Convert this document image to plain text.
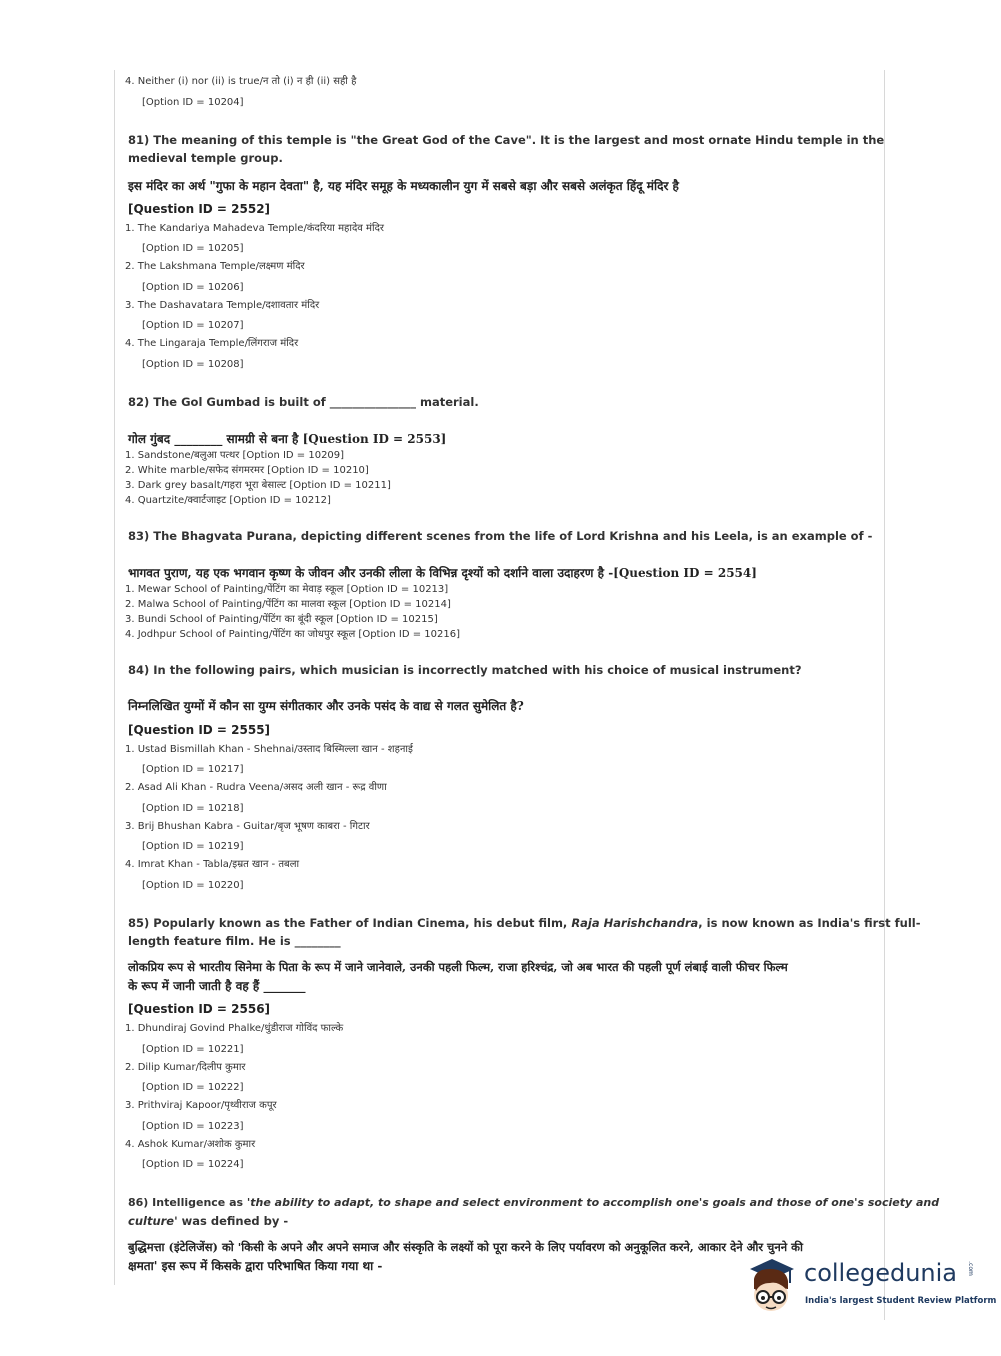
4. Neither (i) nor (ii) is true/न तो (i) न ही (ii) सही है
[Option ID = 10204]
81) The meaning of this temple is "the Great God of the Cave". It is the largest and most ornate Hindu temple in the
medieval temple group.
इस मंदिर का अर्थ "गुफा के महान देवता" है, यह मंदिर समूह के मध्यकालीन युग में सबसे बड़ा और सबसे अलंकृत हिंदू मंदिर है
[Question ID = 2552]
1. The Kandariya Mahadeva Temple/कंदरिया महादेव मंदिर
[Option ID = 10205]
2. The Lakshmana Temple/लक्ष्मण मंदिर
[Option ID = 10206]
3. The Dashavatara Temple/दशावतार मंदिर
[Option ID = 10207]
4. The Lingaraja Temple/लिंगराज मंदिर
[Option ID = 10208]
82) The Gol Gumbad is built of _______________ material.
गोल गुंबद ________ सामग्री से बना है [Question ID = 2553]
1. Sandstone/बलुआ पत्थर [Option ID = 10209]
2. White marble/सफेद संगमरमर [Option ID = 10210]
3. Dark grey basalt/गहरा भूरा बेसाल्ट [Option ID = 10211]
4. Quartzite/क्वार्टजाइट [Option ID = 10212]
83) The Bhagvata Purana, depicting different scenes from the life of Lord Krishna and his Leela, is an example of -
भागवत पुराण, यह एक भगवान कृष्ण के जीवन और उनकी लीला के विभिन्न दृश्यों को दर्शाने वाला उदाहरण है -[Question ID = 2554]
1. Mewar School of Painting/पेंटिंग का मेवाड़ स्कूल [Option ID = 10213]
2. Malwa School of Painting/पेंटिंग का मालवा स्कूल [Option ID = 10214]
3. Bundi School of Painting/पेंटिंग का बूंदी स्कूल [Option ID = 10215]
4. Jodhpur School of Painting/पेंटिंग का जोधपुर स्कूल [Option ID = 10216]
84) In the following pairs, which musician is incorrectly matched with his choice of musical instrument?
निम्नलिखित युग्मों में कौन सा युग्म संगीतकार और उनके पसंद के वाद्य से गलत सुमेलित है?
[Question ID = 2555]
1. Ustad Bismillah Khan - Shehnai/उस्ताद बिस्मिल्ला खान - शहनाई
[Option ID = 10217]
2. Asad Ali Khan - Rudra Veena/असद अली खान - रूद्र वीणा
[Option ID = 10218]
3. Brij Bhushan Kabra - Guitar/बृज भूषण काबरा - गिटार
[Option ID = 10219]
4. Imrat Khan - Tabla/इम्रत खान - तबला
[Option ID = 10220]
85) Popularly known as the Father of Indian Cinema, his debut film, Raja Harishchandra, is now known as India's first full-
length feature film. He is ________
लोकप्रिय रूप से भारतीय सिनेमा के पिता के रूप में जाने जानेवाले, उनकी पहली फिल्म, राजा हरिश्चंद्र, जो अब भारत की पहली पूर्ण लंबाई वाली फीचर फिल्म
के रूप में जानी जाती है वह हैं _______
[Question ID = 2556]
1. Dhundiraj Govind Phalke/धुंडीराज गोविंद फाल्के
[Option ID = 10221]
2. Dilip Kumar/दिलीप कुमार
[Option ID = 10222]
3. Prithviraj Kapoor/पृथ्वीराज कपूर
[Option ID = 10223]
4. Ashok Kumar/अशोक कुमार
[Option ID = 10224]
86) Intelligence as 'the ability to adapt, to shape and select environment to accomplish one's goals and those of one's society and
culture' was defined by -
बुद्धिमत्ता (इंटेलिजेंस) को 'किसी के अपने और अपने समाज और संस्कृति के लक्ष्यों को पूरा करने के लिए पर्यावरण को अनुकूलित करने, आकार देने और चुनने की
क्षमता' इस रूप में किसके द्वारा परिभाषित किया गया था -	collegedunia .com
India's largest Student Review Platform
